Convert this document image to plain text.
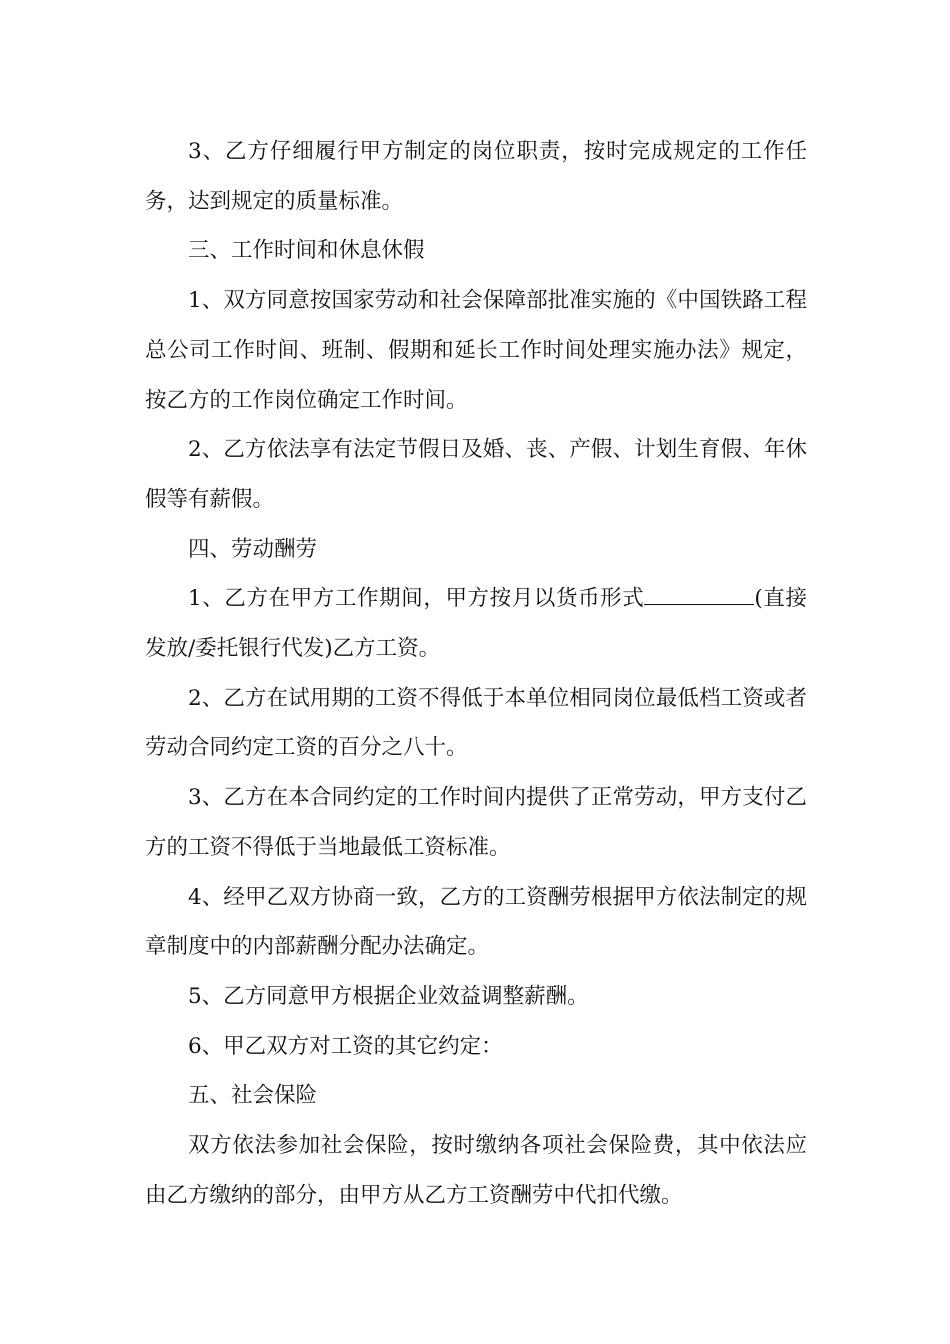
3、乙方仔细履行甲方制定的岗位职责，按时完成规定的工作任务，达到规定的质量标准。

三、工作时间和休息休假

1、双方同意按国家劳动和社会保障部批准实施的《中国铁路工程总公司工作时间、班制、假期和延长工作时间处理实施办法》规定，按乙方的工作岗位确定工作时间。

2、乙方依法享有法定节假日及婚、丧、产假、计划生育假、年休假等有薪假。

四、劳动酬劳

1、乙方在甲方工作期间，甲方按月以货币形式	(直接发放/委托银行代发)乙方工资。

2、乙方在试用期的工资不得低于本单位相同岗位最低档工资或者劳动合同约定工资的百分之八十。

3、乙方在本合同约定的工作时间内提供了正常劳动，甲方支付乙方的工资不得低于当地最低工资标准。

4、经甲乙双方协商一致，乙方的工资酬劳根据甲方依法制定的规章制度中的内部薪酬分配办法确定。

5、乙方同意甲方根据企业效益调整薪酬。

6、甲乙双方对工资的其它约定：

五、社会保险

双方依法参加社会保险，按时缴纳各项社会保险费，其中依法应由乙方缴纳的部分，由甲方从乙方工资酬劳中代扣代缴。
